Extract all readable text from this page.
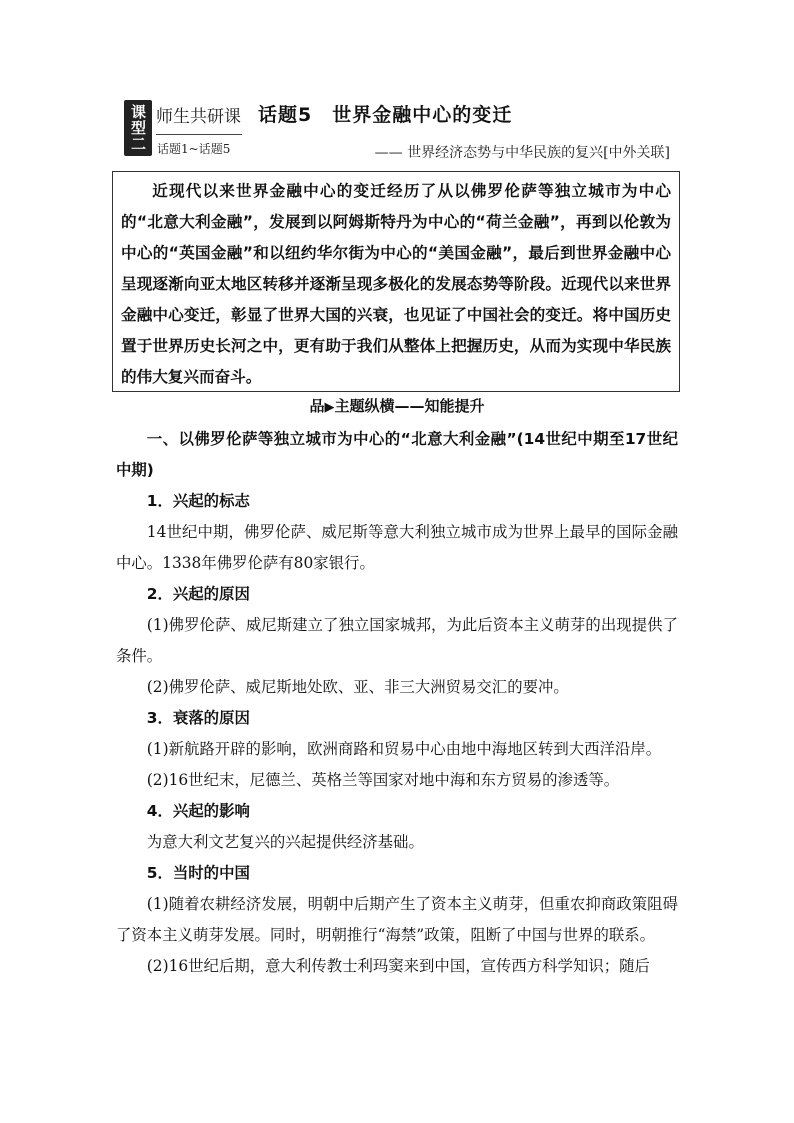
课型二 师生共研课
话题1~话题5
话题5　世界金融中心的变迁
—— 世界经济态势与中华民族的复兴[中外关联]

近现代以来世界金融中心的变迁经历了从以佛罗伦萨等独立城市为中心的“北意大利金融”，发展到以阿姆斯特丹为中心的“荷兰金融”，再到以伦敦为中心的“英国金融”和以纽约华尔街为中心的“美国金融”，最后到世界金融中心呈现逐渐向亚太地区转移并逐渐呈现多极化的发展态势等阶段。近现代以来世界金融中心变迁，彰显了世界大国的兴衰，也见证了中国社会的变迁。将中国历史置于世界历史长河之中，更有助于我们从整体上把握历史，从而为实现中华民族的伟大复兴而奋斗。

品▶主题纵横——知能提升

一、以佛罗伦萨等独立城市为中心的“北意大利金融”(14世纪中期至17世纪中期)

1．兴起的标志

14世纪中期，佛罗伦萨、威尼斯等意大利独立城市成为世界上最早的国际金融中心。1338年佛罗伦萨有80家银行。

2．兴起的原因

(1)佛罗伦萨、威尼斯建立了独立国家城邦，为此后资本主义萌芽的出现提供了条件。

(2)佛罗伦萨、威尼斯地处欧、亚、非三大洲贸易交汇的要冲。

3．衰落的原因

(1)新航路开辟的影响，欧洲商路和贸易中心由地中海地区转到大西洋沿岸。

(2)16世纪末，尼德兰、英格兰等国家对地中海和东方贸易的渗透等。

4．兴起的影响

为意大利文艺复兴的兴起提供经济基础。

5．当时的中国

(1)随着农耕经济发展，明朝中后期产生了资本主义萌芽，但重农抑商政策阻碍了资本主义萌芽发展。同时，明朝推行“海禁”政策，阻断了中国与世界的联系。

(2)16世纪后期，意大利传教士利玛窦来到中国，宣传西方科学知识；随后
